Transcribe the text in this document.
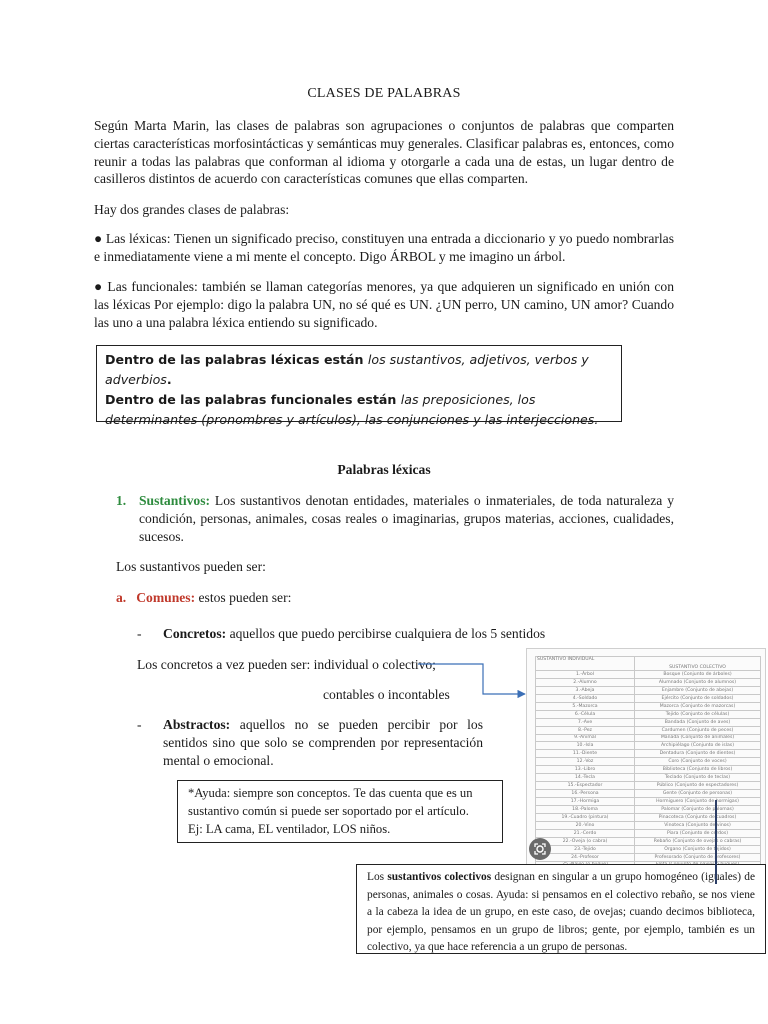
CLASES DE PALABRAS
Según Marta Marin, las clases de palabras son agrupaciones o conjuntos de palabras que comparten ciertas características morfosintácticas y semánticas muy generales. Clasificar palabras es, entonces, como reunir a todas las palabras que conforman al idioma y otorgarle a cada una de estas, un lugar dentro de casilleros distintos de acuerdo con características comunes que ellas comparten.
Hay dos grandes clases de palabras:
● Las léxicas: Tienen un significado preciso, constituyen una entrada a diccionario y yo puedo nombrarlas e inmediatamente viene a mi mente el concepto. Digo ÁRBOL y me imagino un árbol.
● Las funcionales: también se llaman categorías menores, ya que adquieren un significado en unión con las léxicas Por ejemplo: digo la palabra UN, no sé qué es UN. ¿UN perro, UN camino, UN amor? Cuando las uno a una palabra léxica entiendo su significado.
Dentro de las palabras léxicas están los sustantivos, adjetivos, verbos y adverbios.
Dentro de las palabras funcionales están las preposiciones, los determinantes (pronombres y artículos), las conjunciones y las interjecciones.
Palabras léxicas
1. Sustantivos: Los sustantivos denotan entidades, materiales o inmateriales, de toda naturaleza y condición, personas, animales, cosas reales o imaginarias, grupos materias, acciones, cualidades, sucesos.
Los sustantivos pueden ser:
a. Comunes: estos pueden ser:
- Concretos: aquellos que puedo percibirse cualquiera de los 5 sentidos
Los concretos a vez pueden ser: individual o colectivo;
contables o incontables
- Abstractos: aquellos no se pueden percibir por los sentidos sino que solo se comprenden por representación mental o emocional.
*Ayuda: siempre son conceptos. Te das cuenta que es un
sustantivo común si puede ser soportado por el artículo.
Ej: LA cama, EL ventilador, LOS niños.
SUSTANTIVO INDIVIDUAL	SUSTANTIVO COLECTIVO
1.-Árbol	Bosque (Conjunto de árboles)
2.-Alumno	Alumnado (Conjunto de alumnos)
3.-Abeja	Enjambre (Conjunto de abejas)
4.-Soldado	Ejército (Conjunto de soldados)
5.-Mazorca	Mazorca (Conjunto de mazorcas)
6.-Célula	Tejido (Conjunto de células)
7.-Ave	Bandada (Conjunto de aves)
8.-Pez	Cardumen (Conjunto de peces)
9.-Animal	Manada (Conjunto de animales)
10.-Isla	Archipiélago (Conjunto de islas)
11.-Diente	Dentadura (Conjunto de dientes)
12.-Voz	Coro (Conjunto de voces)
13.-Libro	Biblioteca (Conjunto de libros)
14.-Tecla	Teclado (Conjunto de teclas)
15.-Espectador	Público (Conjunto de espectadores)
16.-Persona	Gente (Conjunto de personas)
17.-Hormiga	Hormiguero (Conjunto de hormigas)
18.-Paloma	Palomar (Conjunto de palomas)
19.-Cuadro (pintura)	Pinacoteca (Conjunto de cuadros)
20.-Vino	Vinoteca (Conjunto de vinos)
21.-Cerdo	Piara (Conjunto de cerdos)
22.-Oveja (o cabra)	Rebaño (Conjunto de ovejas o cabras)
23.-Tejido	Órgano (Conjunto de tejidos)
24.-Profesor	Profesorado (Conjunto de profesores)

Los sustantivos colectivos designan en singular a un grupo homogéneo (iguales) de personas, animales o cosas. Ayuda: si pensamos en el colectivo rebaño, se nos viene a la cabeza la idea de un grupo, en este caso, de ovejas; cuando decimos biblioteca, por ejemplo, pensamos en un grupo de libros; gente, por ejemplo, también es un colectivo, ya que hace referencia a un grupo de personas.
